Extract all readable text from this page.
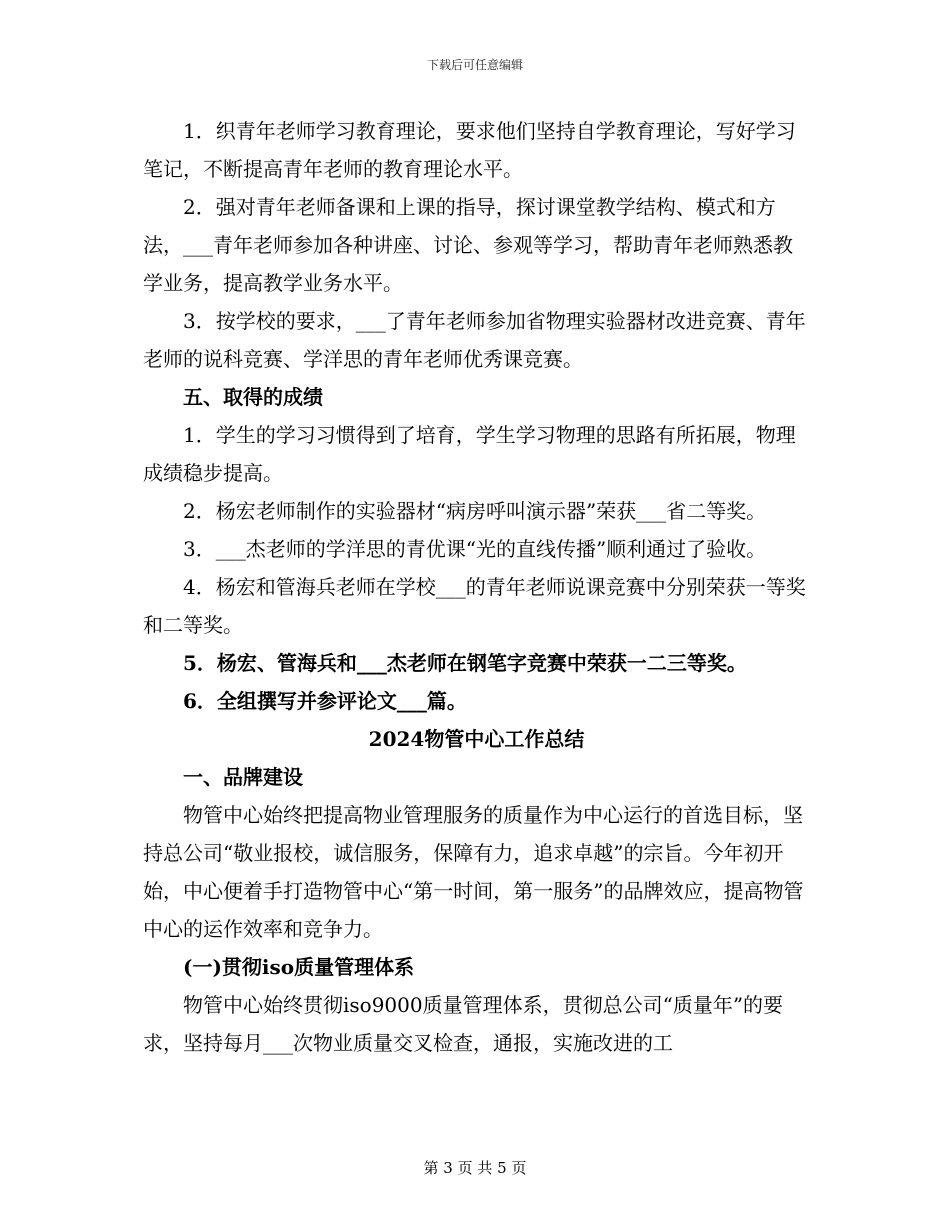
下载后可任意编辑

1．织青年老师学习教育理论，要求他们坚持自学教育理论，写好学习笔记，不断提高青年老师的教育理论水平。

2．强对青年老师备课和上课的指导，探讨课堂教学结构、模式和方法，___青年老师参加各种讲座、讨论、参观等学习，帮助青年老师熟悉教学业务，提高教学业务水平。

3．按学校的要求，___了青年老师参加省物理实验器材改进竞赛、青年老师的说科竞赛、学洋思的青年老师优秀课竞赛。

五、取得的成绩

1．学生的学习习惯得到了培育，学生学习物理的思路有所拓展，物理成绩稳步提高。

2．杨宏老师制作的实验器材“病房呼叫演示器”荣获___省二等奖。

3．___杰老师的学洋思的青优课“光的直线传播”顺利通过了验收。

4．杨宏和管海兵老师在学校___的青年老师说课竞赛中分别荣获一等奖和二等奖。

5．杨宏、管海兵和___杰老师在钢笔字竞赛中荣获一二三等奖。

6．全组撰写并参评论文___篇。

2024物管中心工作总结

一、品牌建设

物管中心始终把提高物业管理服务的质量作为中心运行的首选目标，坚持总公司“敬业报校，诚信服务，保障有力，追求卓越”的宗旨。今年初开始，中心便着手打造物管中心“第一时间，第一服务”的品牌效应，提高物管中心的运作效率和竞争力。

(一)贯彻iso质量管理体系

物管中心始终贯彻iso9000质量管理体系，贯彻总公司“质量年”的要求，坚持每月___次物业质量交叉检查，通报，实施改进的工

第 3 页 共 5 页
